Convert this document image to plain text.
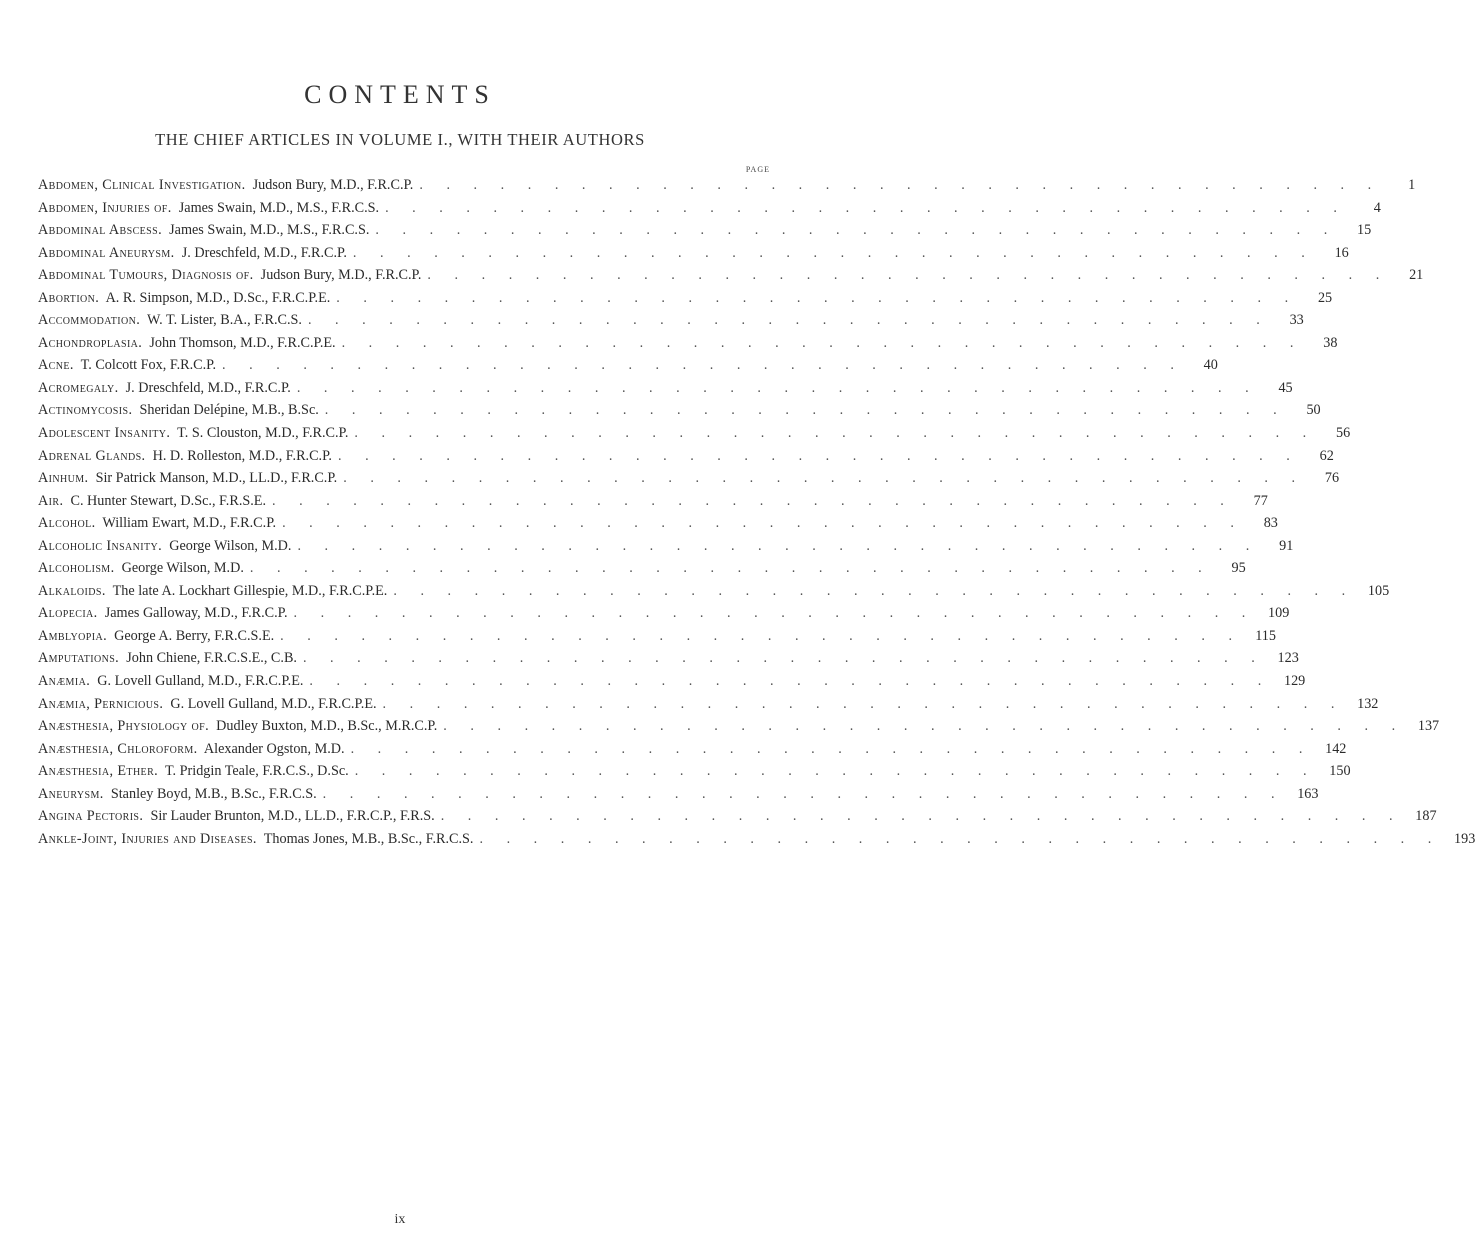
CONTENTS
THE CHIEF ARTICLES IN VOLUME I., WITH THEIR AUTHORS
PAGE
Abdomen, Clinical Investigation. Judson Bury, M.D., F.R.C.P. . . .	1
Abdomen, Injuries of. James Swain, M.D., M.S., F.R.C.S. . . .	4
Abdominal Abscess. James Swain, M.D., M.S., F.R.C.S. . . .	15
Abdominal Aneurysm. J. Dreschfeld, M.D., F.R.C.P. . . .	16
Abdominal Tumours, Diagnosis of. Judson Bury, M.D., F.R.C.P. . . .	21
Abortion. A. R. Simpson, M.D., D.Sc., F.R.C.P.E. . . .	25
Accommodation. W. T. Lister, B.A., F.R.C.S. . . .	33
Achondroplasia. John Thomson, M.D., F.R.C.P.E. . . .	38
Acne. T. Colcott Fox, F.R.C.P. . . .	40
Acromegaly. J. Dreschfeld, M.D., F.R.C.P. . . .	45
Actinomycosis. Sheridan Delépine, M.B., B.Sc. . . .	50
Adolescent Insanity. T. S. Clouston, M.D., F.R.C.P. . . .	56
Adrenal Glands. H. D. Rolleston, M.D., F.R.C.P. . . .	62
Ainhum. Sir Patrick Manson, M.D., LL.D., F.R.C.P. . . .	76
Air. C. Hunter Stewart, D.Sc., F.R.S.E. . . .	77
Alcohol. William Ewart, M.D., F.R.C.P. . . .	83
Alcoholic Insanity. George Wilson, M.D. . . .	91
Alcoholism. George Wilson, M.D. . . .	95
Alkaloids. The late A. Lockhart Gillespie, M.D., F.R.C.P.E. . . .	105
Alopecia. James Galloway, M.D., F.R.C.P. . . .	109
Amblyopia. George A. Berry, F.R.C.S.E. . . .	115
Amputations. John Chiene, F.R.C.S.E., C.B. . . .	123
Anæmia. G. Lovell Gulland, M.D., F.R.C.P.E. . . .	129
Anæmia, Pernicious. G. Lovell Gulland, M.D., F.R.C.P.E. . . .	132
Anæsthesia, Physiology of. Dudley Buxton, M.D., B.Sc., M.R.C.P. . . .	137
Anæsthesia, Chloroform. Alexander Ogston, M.D. . . .	142
Anæsthesia, Ether. T. Pridgin Teale, F.R.C.S., D.Sc. . . .	150
Aneurysm. Stanley Boyd, M.B., B.Sc., F.R.C.S. . . .	163
Angina Pectoris. Sir Lauder Brunton, M.D., LL.D., F.R.C.P., F.R.S. . . .	187
Ankle-Joint, Injuries and Diseases. Thomas Jones, M.B., B.Sc., F.R.C.S. . . .	193
ix
